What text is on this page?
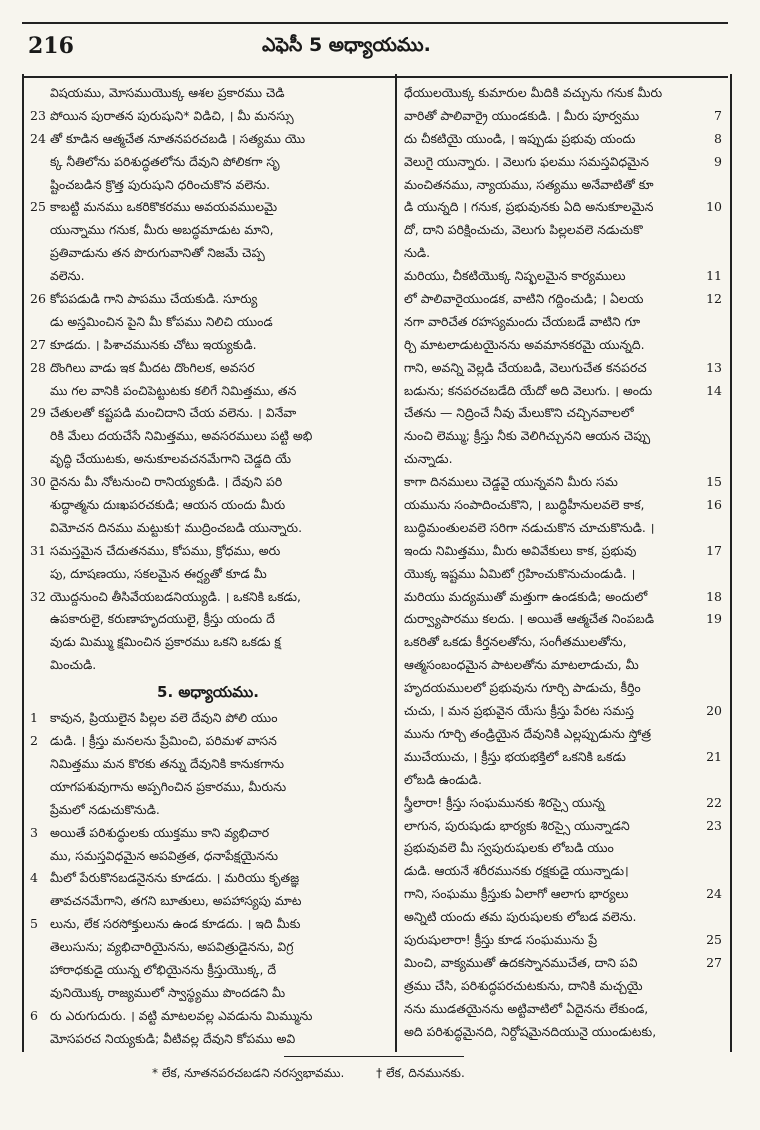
216	ఎఫెసీ 5 అధ్యాయము.
విషయము, మోసముయొక్క ఆశల ప్రకారము చెడి
23 పోయిన పురాతన పురుషుని* విడిచి, । మీ మనస్సు
24 తో కూడిన ఆత్మచేత నూతనపరచబడి । సత్యము యొ
క్క నీతిలోను పరిశుద్ధతలోను దేవుని పోలికగా సృ
ష్టించబడిన క్రొత్త పురుషుని ధరించుకొన వలెను.
25 కాబట్టి మనము ఒకరికొకరము అవయవములమై
యున్నాము గనుక, మీరు అబద్ధమాడుట మాని,
ప్రతివాడును తన పొరుగువానితో నిజమే చెప్ప
వలెను.
26 కోపపడుడి గాని పాపము చేయకుడి. సూర్యు
డు అస్తమించిన పైని మీ కోపము నిలిచి యుండ
27 కూడదు. । పిశాచమునకు చోటు ఇయ్యకుడి.
28 దొంగిలు వాడు ఇక మీదట దొంగిలక, అవసర
ము గల వానికి పంచిపెట్టుటకు కలిగే నిమిత్తము, తన
29 చేతులతో కష్టపడి మంచిదాని చేయ వలెను. । వినేవా
రికి మేలు దయచేసే నిమిత్తము, అవసరములు పట్టి అభి
వృద్ధి చేయుటకు, అనుకూలవచనమేగాని చెడ్డది యే
30 దైనను మీ నోటనుంచి రానియ్యకుడి. । దేవుని పరి
శుద్ధాత్మను దుఃఖపరచకుడి; ఆయన యందు మీరు
విమోచన దినము మట్టుకు† ముద్రించబడి యున్నారు.
31 సమస్తమైన చేదుతనము, కోపము, క్రోధము, అరు
పు, దూషణయు, సకలమైన ఈర్ష్యతో కూడ మీ
32 యొద్దనుంచి తీసివేయబడనియ్యుడి. । ఒకనికి ఒకడు,
ఉపకారులై, కరుణాహృదయులై, క్రీస్తు యందు దే
వుడు మిమ్ము క్షమించిన ప్రకారము ఒకని ఒకడు క్ష
మించుడి.
5. అధ్యాయము.
1 కావున, ప్రియులైన పిల్లల వలె దేవుని పోలి యుం
2 డుడి. । క్రీస్తు మనలను ప్రేమించి, పరిమళ వాసన
నిమిత్తము మన కొరకు తన్ను దేవునికి కానుకగాను
యాగపశువుగాను అప్పగించిన ప్రకారము, మీరును
ప్రేమలో నడుచుకొనుడి.
3 అయితే పరిశుద్ధులకు యుక్తము కాని వ్యభిచార
ము, సమస్తవిధమైన అపవిత్రత, ధనాపేక్షయైనను
4 మీలో పేరుకొనబడనైనను కూడదు. । మరియు కృతజ్ఞ
తావచనమేగాని, తగని బూతులు, అపహాస్యపు మాట
5 లును, లేక సరసోక్తులును ఉండ కూడదు. । ఇది మీకు
తెలుసును; వ్యభిచారియైనను, అపవిత్రుడైనను, విగ్ర
హారాధకుడై యున్న లోభియైనను క్రీస్తుయొక్క, దే
వునియొక్క రాజ్యములో స్వాస్థ్యము పొందడని మీ
6 రు ఎరుగుదురు. । వట్టి మాటలవల్ల ఎవడును మిమ్మును
మోసపరచ నియ్యకుడి; వీటివల్ల దేవుని కోపము అవి
ధేయులయొక్క కుమారుల మీదికి వచ్చును గనుక మీరు
వారితో పాలివార్రై యుండకుడి. । మీరు పూర్వము	7
దు చీకటియై యుండి, । ఇప్పుడు ప్రభువు యందు	8
వెలుగై యున్నారు. । వెలుగు ఫలము సమస్తవిధమైన	9
మంచితనము, న్యాయము, సత్యము అనేవాటితో కూ
డి యున్నది । గనుక, ప్రభువునకు ఏది అనుకూలమైన	10
దో, దాని పరిక్షించుచు, వెలుగు పిల్లలవలె నడుచుకొ
నుడి.
మరియు, చీకటియొక్క నిష్ఫలమైన కార్యములు	11
లో పాలివారైయుండక, వాటిని గద్దించుడి; । ఏలయ	12
నగా వారిచేత రహస్యమందు చేయబడే వాటిని గూ
ర్చి మాటలాడుటయైనను అవమానకరమై యున్నది.
గాని, అవన్ని వెల్లడి చేయబడి, వెలుగుచేత కనపరచ	13
బడును; కనపరచబడేది యేదో అది వెలుగు. । అందు	14
చేతను — నిద్రించే నీవు మేలుకొని చచ్చినవాలలో
నుంచి లెమ్ము; క్రీస్తు నీకు వెలిగిచ్చునని ఆయన చెప్పు
చున్నాడు.
కాగా దినములు చెడ్డవై యున్నవని మీరు సమ	15
యమును సంపాదించుకొని, । బుద్ధిహీనులవలె కాక,	16
బుద్ధిమంతులవలె సరిగా నడుచుకొన చూచుకొనుడి. ।
ఇందు నిమిత్తము, మీరు అవివేకులు కాక, ప్రభువు	17
యొక్క ఇష్టము ఏమిటో గ్రహించుకొనుచుండుడి. ।
మరియు మద్యముతో మత్తుగా ఉండకుడి; అందులో	18
దుర్వ్యాపారము కలదు. । అయితే ఆత్మచేత నింపబడి	19
ఒకరితో ఒకడు కీర్తనలతోను, సంగీతములతోను,
ఆత్మసంబంధమైన పాటలతోను మాటలాడుచు, మీ
హృదయములలో ప్రభువును గూర్చి పాడుచు, కీర్తిం
చుచు, । మన ప్రభువైన యేసు క్రీస్తు పేరట సమస్త	20
మును గూర్చి తండ్రియైన దేవునికి ఎల్లప్పుడును స్తోత్ర
ముచేయుచు, । క్రీస్తు భయభక్తిలో ఒకనికి ఒకడు	21
లోబడి ఉండుడి.
స్త్రీలారా! క్రీస్తు సంఘమునకు శిరస్సై యున్న	22
లాగున, పురుషుడు భార్యకు శిరస్సై యున్నాడని	23
ప్రభువువలె మీ స్వపురుషులకు లోబడి యుం
డుడి. ఆయనే శరీరమునకు రక్షకుడై యున్నాడు।
గాని, సంఘము క్రీస్తుకు ఏలాగో ఆలాగు భార్యలు	24
అన్నిటి యందు తమ పురుషులకు లోబడ వలెను.
పురుషులారా! క్రీస్తు కూడ సంఘమును ప్రే	25
మించి, వాక్యముతో ఉదకస్నానముచేత, దాని పవి	27
త్రము చేసి, పరిశుద్ధపరచుటకును, దానికి మచ్చయై
నను ముడతయైనను అట్టివాటిలో ఏదైనను లేకుండ,
అది పరిశుద్ధమైనది, నిర్దోషమైనదియునై యుండుటకు,
* లేక, నూతనపరచబడని నరస్వభావము.	† లేక, దినమునకు.
